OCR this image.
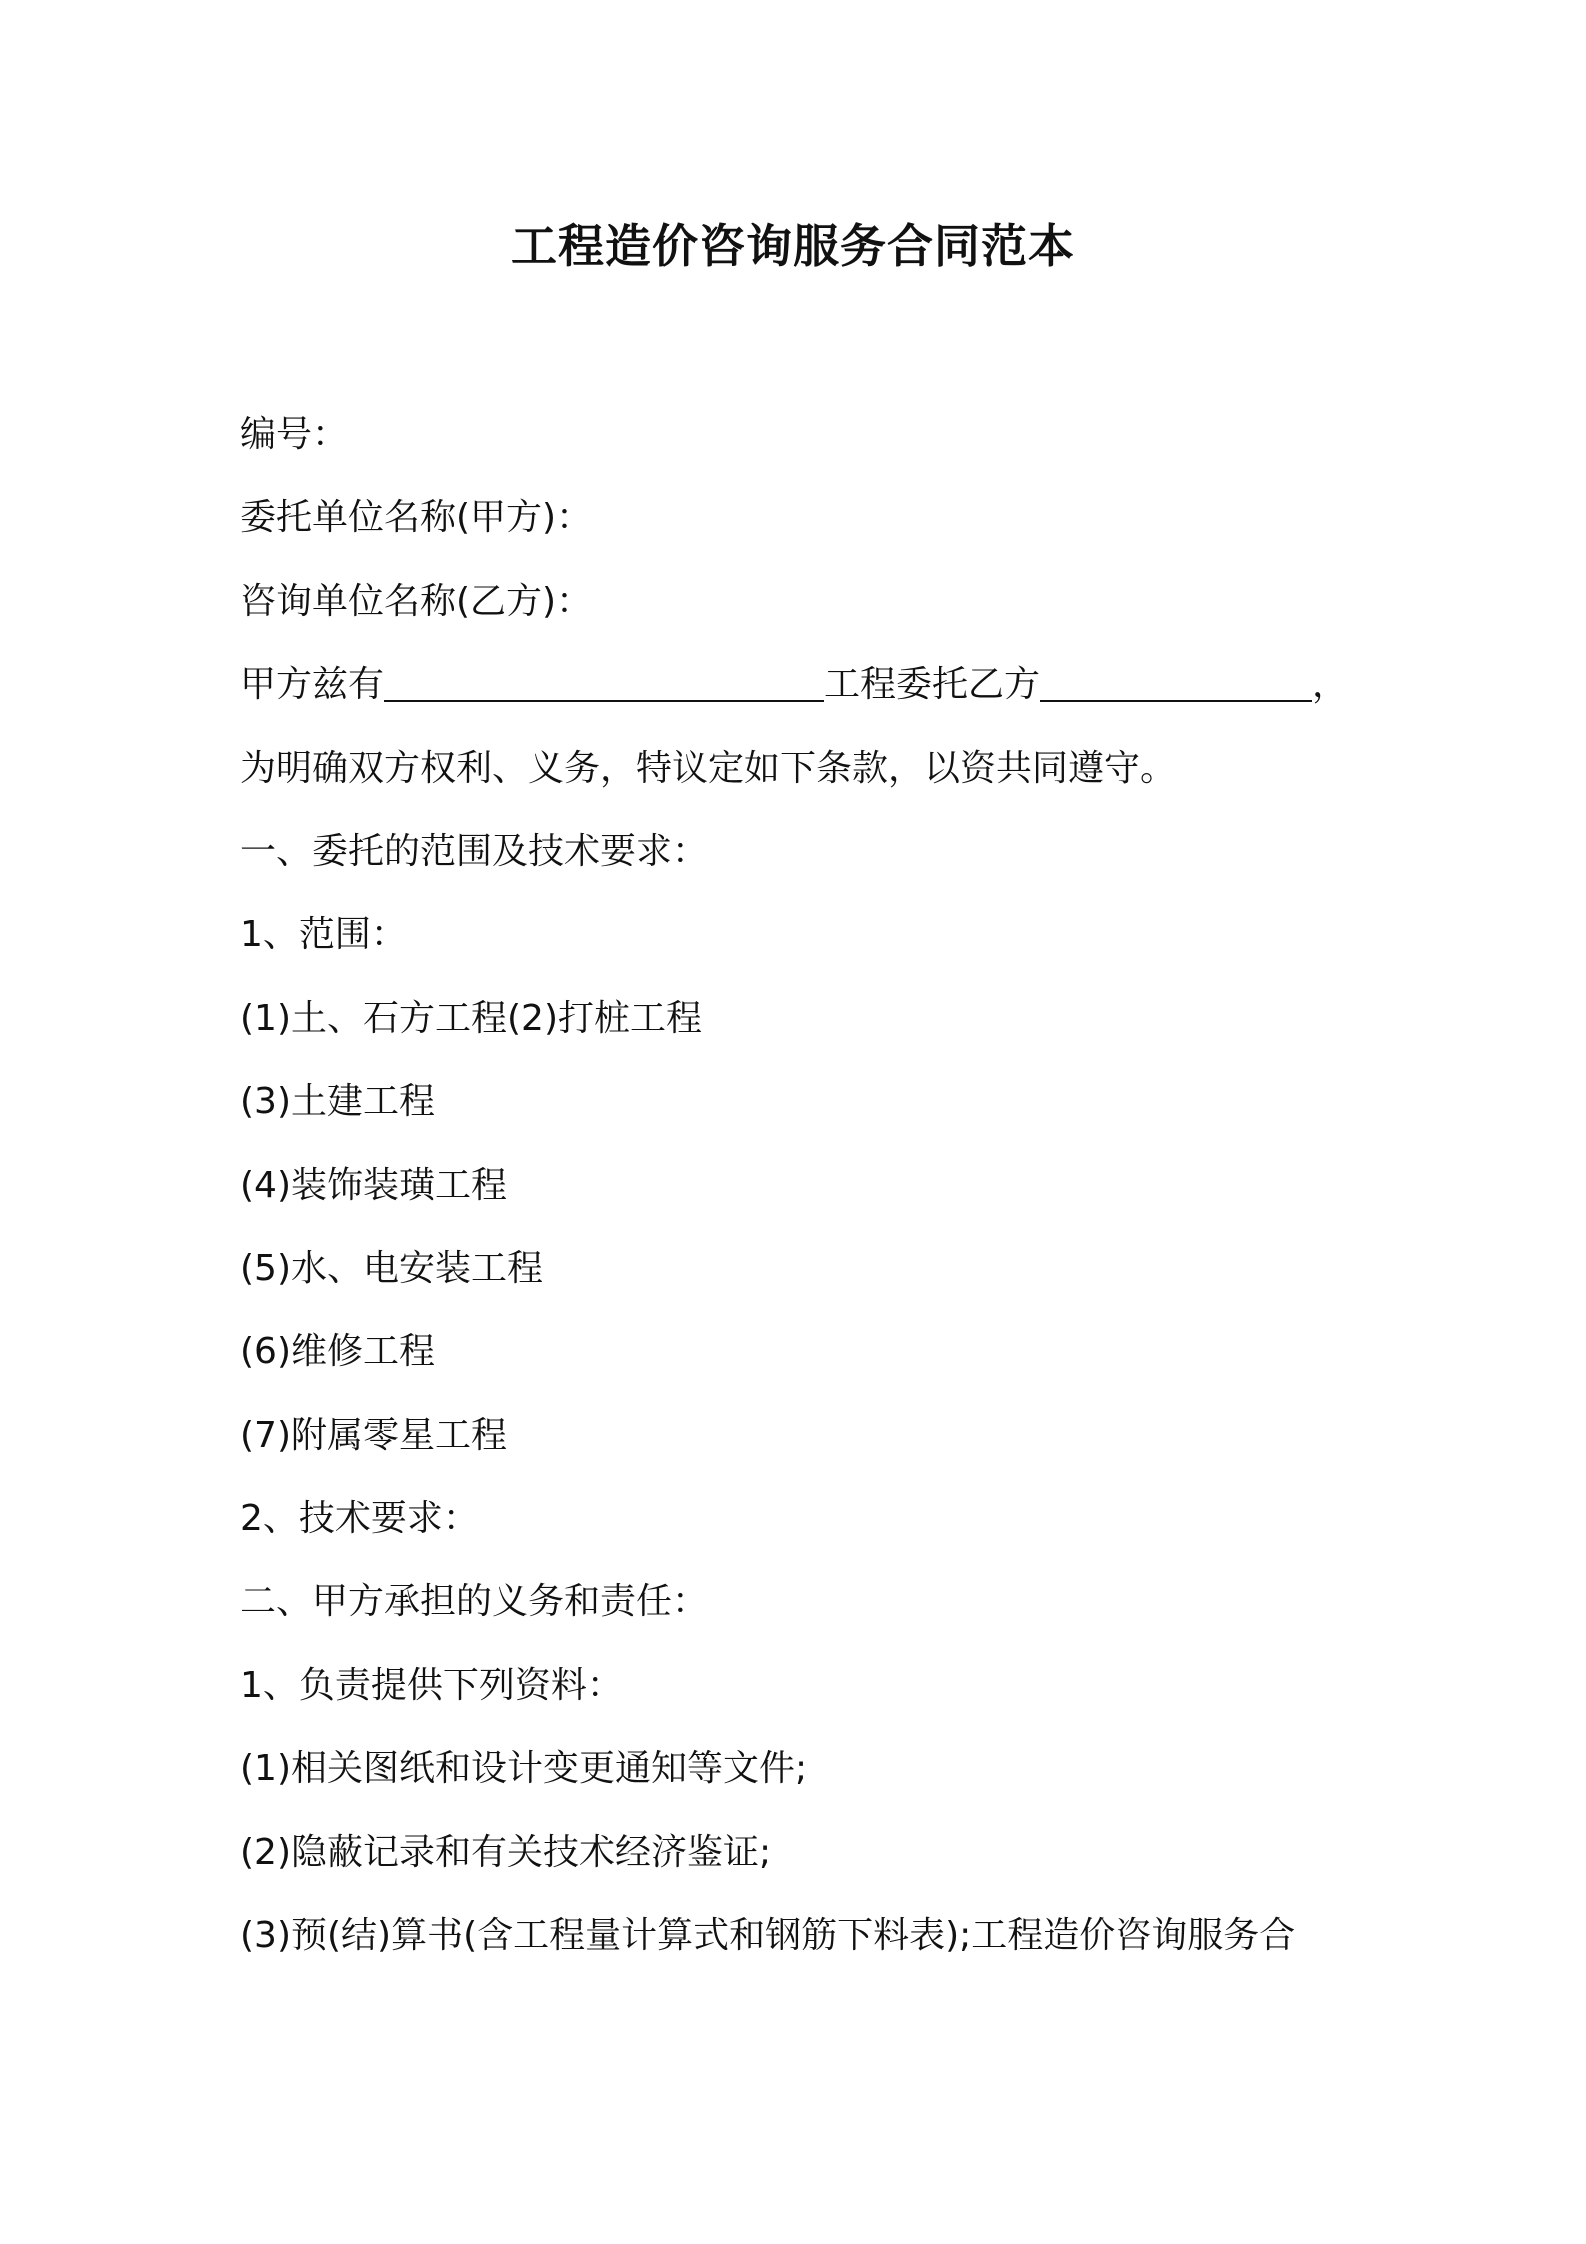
工程造价咨询服务合同范本
编号：
委托单位名称(甲方)：
咨询单位名称(乙方)：
甲方兹有	工程委托乙方	，
为明确双方权利、义务，特议定如下条款，以资共同遵守。
一、委托的范围及技术要求：
1、范围：
(1)土、石方工程(2)打桩工程
(3)土建工程
(4)装饰装璜工程
(5)水、电安装工程
(6)维修工程
(7)附属零星工程
2、技术要求：
二、甲方承担的义务和责任：
1、负责提供下列资料：
(1)相关图纸和设计变更通知等文件;
(2)隐蔽记录和有关技术经济鉴证;
(3)预(结)算书(含工程量计算式和钢筋下料表);工程造价咨询服务合
